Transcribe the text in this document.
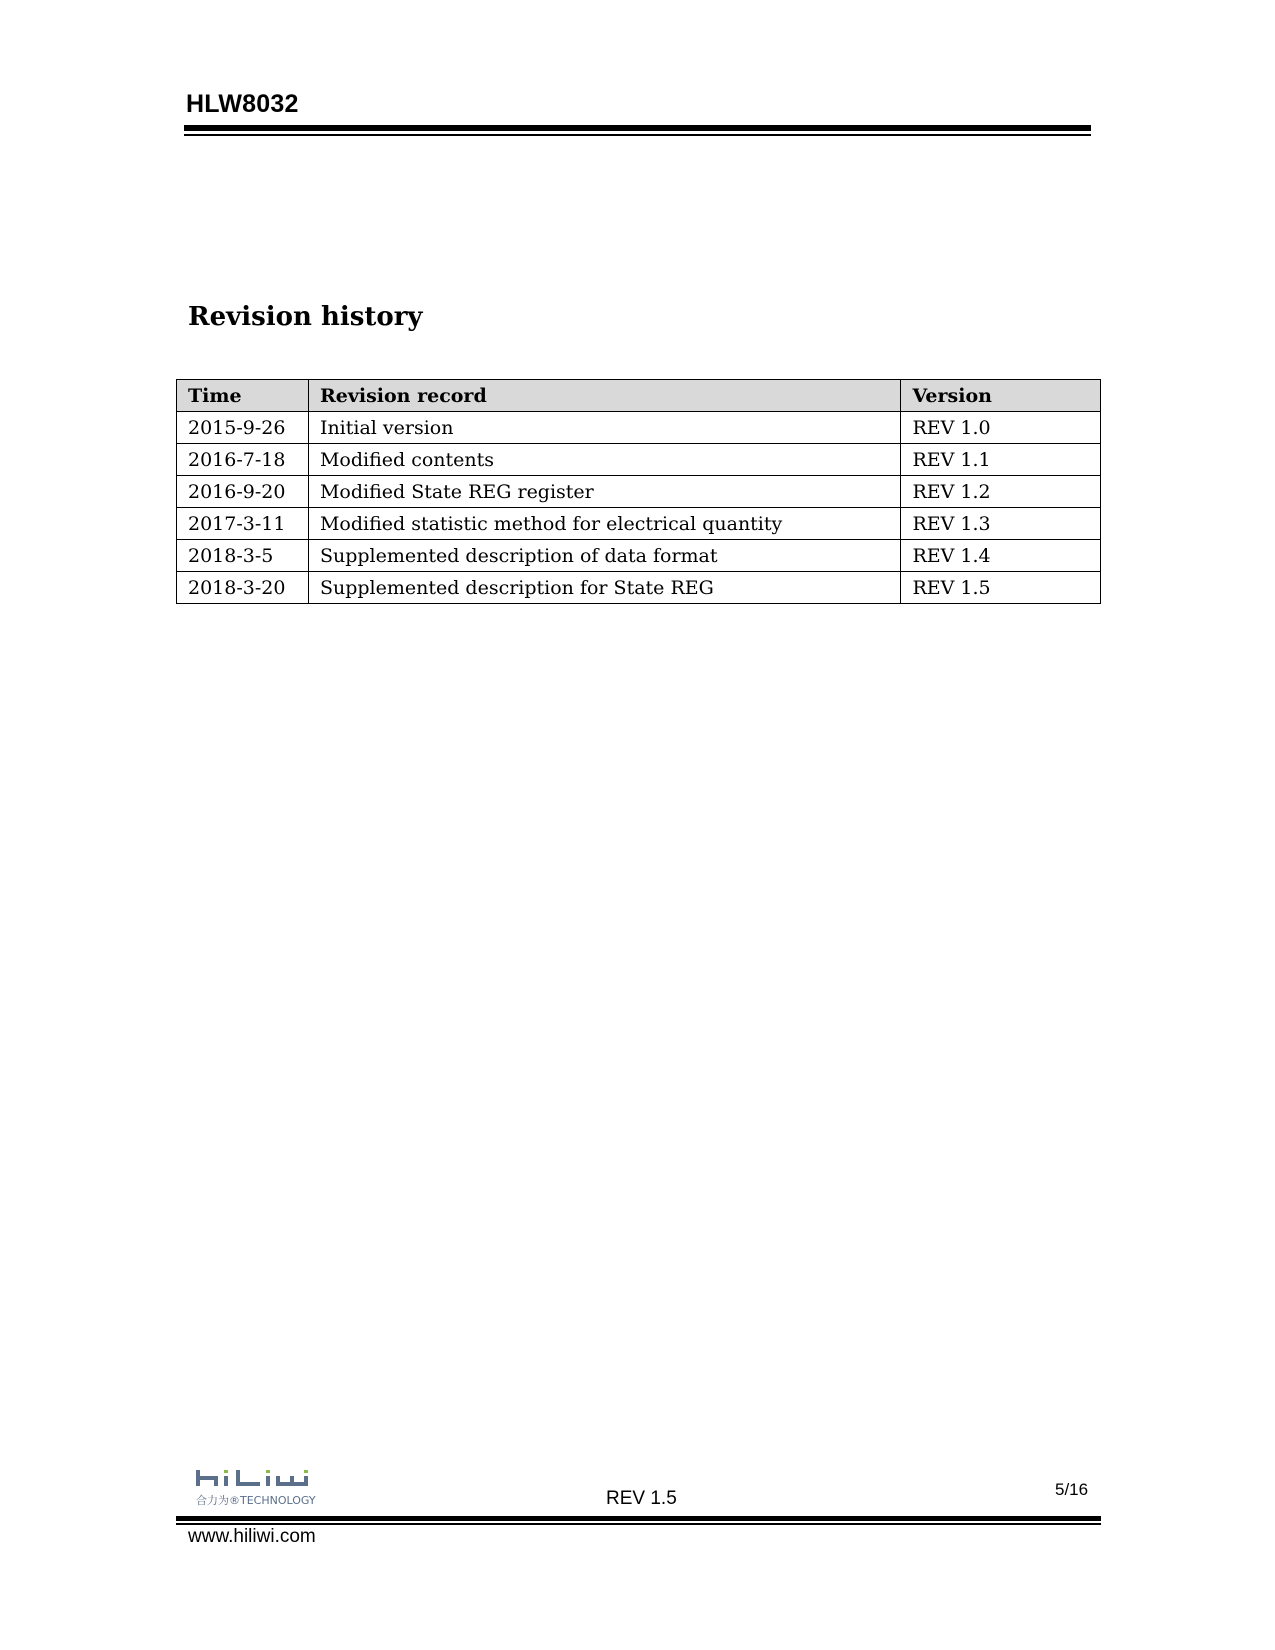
HLW8032
Revision history
Time	Revision record	Version
2015-9-26	Initial version	REV 1.0
2016-7-18	Modified contents	REV 1.1
2016-9-20	Modified State REG register	REV 1.2
2017-3-11	Modified statistic method for electrical quantity	REV 1.3
2018-3-5	Supplemented description of data format	REV 1.4
2018-3-20	Supplemented description for State REG	REV 1.5
合力为®TECHNOLOGY	REV 1.5	5/16
www.hiliwi.com
